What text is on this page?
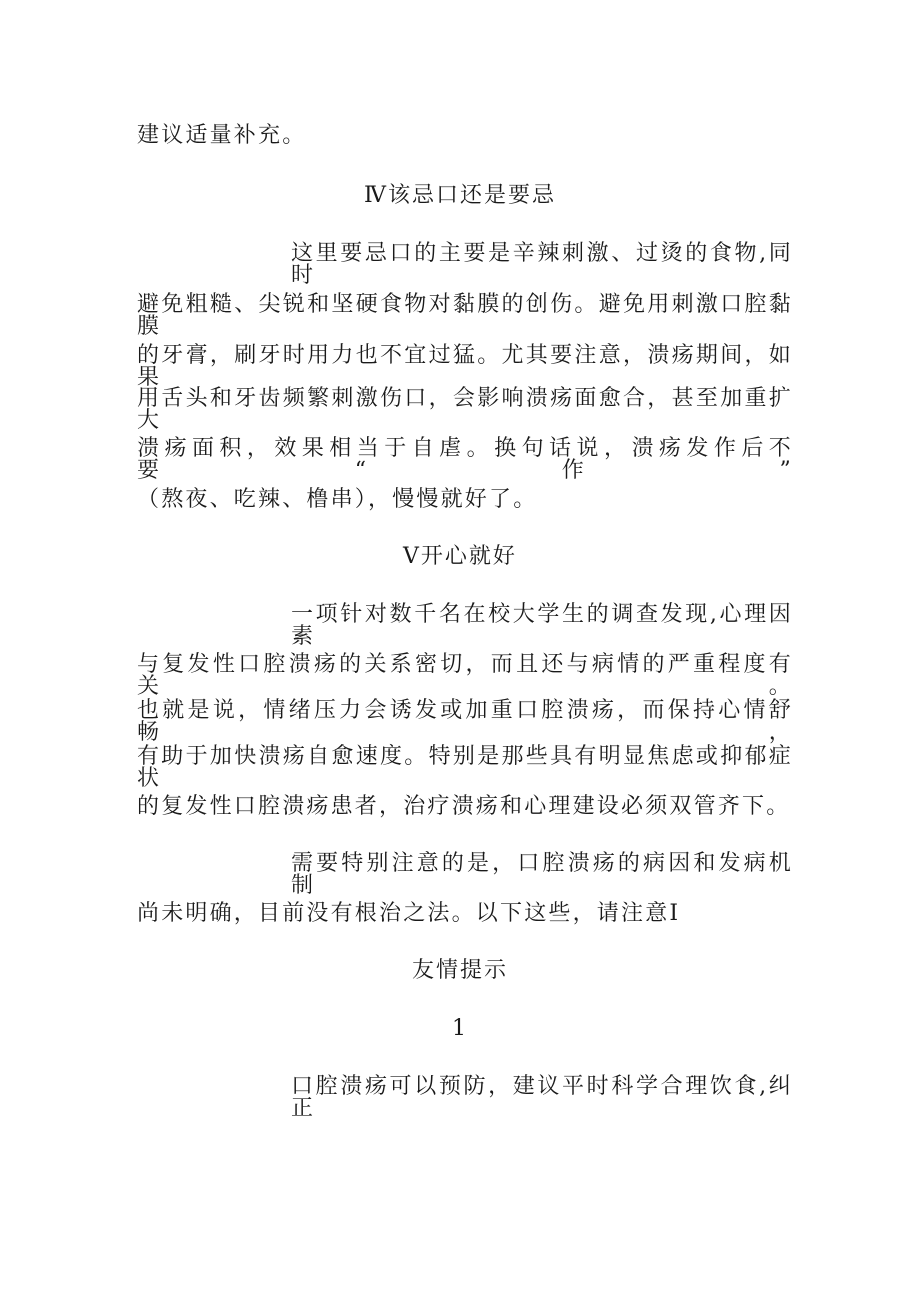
建议适量补充。
Ⅳ该忌口还是要忌
这里要忌口的主要是辛辣刺激、过烫的食物,同时
避免粗糙、尖锐和坚硬食物对黏膜的创伤。避免用刺激口腔黏膜
的牙膏，刷牙时用力也不宜过猛。尤其要注意，溃疡期间，如果
用舌头和牙齿频繁刺激伤口，会影响溃疡面愈合，甚至加重扩大
溃疡面积，效果相当于自虐。换句话说，溃疡发作后不要“作”
（熬夜、吃辣、橹串），慢慢就好了。
V开心就好
一项针对数千名在校大学生的调查发现,心理因素
与复发性口腔溃疡的关系密切，而且还与病情的严重程度有关。
也就是说，情绪压力会诱发或加重口腔溃疡，而保持心情舒畅，
有助于加快溃疡自愈速度。特别是那些具有明显焦虑或抑郁症状
的复发性口腔溃疡患者，治疗溃疡和心理建设必须双管齐下。
需要特别注意的是，口腔溃疡的病因和发病机制
尚未明确，目前没有根治之法。以下这些，请注意I
友情提示
1
口腔溃疡可以预防，建议平时科学合理饮食,纠正
